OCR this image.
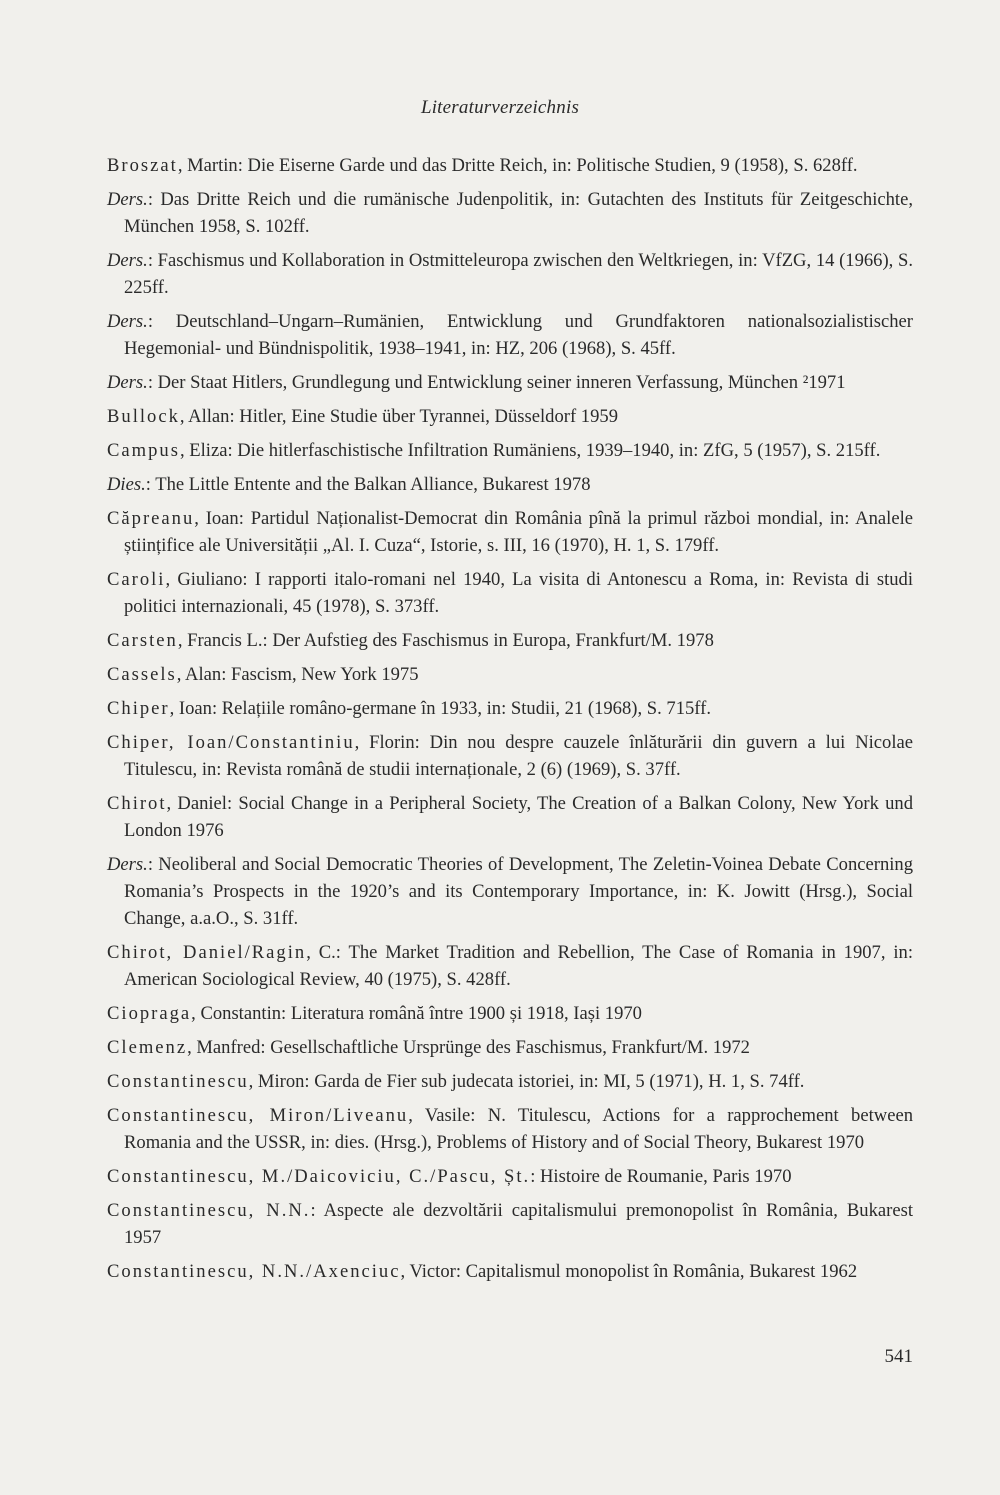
Literaturverzeichnis
Broszat, Martin: Die Eiserne Garde und das Dritte Reich, in: Politische Studien, 9 (1958), S. 628ff.
Ders.: Das Dritte Reich und die rumänische Judenpolitik, in: Gutachten des Instituts für Zeitgeschichte, München 1958, S. 102ff.
Ders.: Faschismus und Kollaboration in Ostmitteleuropa zwischen den Weltkriegen, in: VfZG, 14 (1966), S. 225ff.
Ders.: Deutschland–Ungarn–Rumänien, Entwicklung und Grundfaktoren nationalsozialistischer Hegemonial- und Bündnispolitik, 1938–1941, in: HZ, 206 (1968), S. 45ff.
Ders.: Der Staat Hitlers, Grundlegung und Entwicklung seiner inneren Verfassung, München ²1971
Bullock, Allan: Hitler, Eine Studie über Tyrannei, Düsseldorf 1959
Campus, Eliza: Die hitlerfaschistische Infiltration Rumäniens, 1939–1940, in: ZfG, 5 (1957), S. 215ff.
Dies.: The Little Entente and the Balkan Alliance, Bukarest 1978
Căpreanu, Ioan: Partidul Naționalist-Democrat din România pînă la primul război mondial, in: Analele științifice ale Universității „Al. I. Cuza“, Istorie, s. III, 16 (1970), H. 1, S. 179ff.
Caroli, Giuliano: I rapporti italo-romani nel 1940, La visita di Antonescu a Roma, in: Revista di studi politici internazionali, 45 (1978), S. 373ff.
Carsten, Francis L.: Der Aufstieg des Faschismus in Europa, Frankfurt/M. 1978
Cassels, Alan: Fascism, New York 1975
Chiper, Ioan: Relațiile româno-germane în 1933, in: Studii, 21 (1968), S. 715ff.
Chiper, Ioan/Constantiniu, Florin: Din nou despre cauzele înlăturării din guvern a lui Nicolae Titulescu, in: Revista română de studii internaționale, 2 (6) (1969), S. 37ff.
Chirot, Daniel: Social Change in a Peripheral Society, The Creation of a Balkan Colony, New York und London 1976
Ders.: Neoliberal and Social Democratic Theories of Development, The Zeletin-Voinea Debate Concerning Romania’s Prospects in the 1920’s and its Contemporary Importance, in: K. Jowitt (Hrsg.), Social Change, a.a.O., S. 31ff.
Chirot, Daniel/Ragin, C.: The Market Tradition and Rebellion, The Case of Romania in 1907, in: American Sociological Review, 40 (1975), S. 428ff.
Ciopraga, Constantin: Literatura română între 1900 și 1918, Iași 1970
Clemenz, Manfred: Gesellschaftliche Ursprünge des Faschismus, Frankfurt/M. 1972
Constantinescu, Miron: Garda de Fier sub judecata istoriei, in: MI, 5 (1971), H. 1, S. 74ff.
Constantinescu, Miron/Liveanu, Vasile: N. Titulescu, Actions for a rapprochement between Romania and the USSR, in: dies. (Hrsg.), Problems of History and of Social Theory, Bukarest 1970
Constantinescu, M./Daicoviciu, C./Pascu, Șt.: Histoire de Roumanie, Paris 1970
Constantinescu, N.N.: Aspecte ale dezvoltării capitalismului premonopolist în România, Bukarest 1957
Constantinescu, N.N./Axenciuc, Victor: Capitalismul monopolist în România, Bukarest 1962
541
